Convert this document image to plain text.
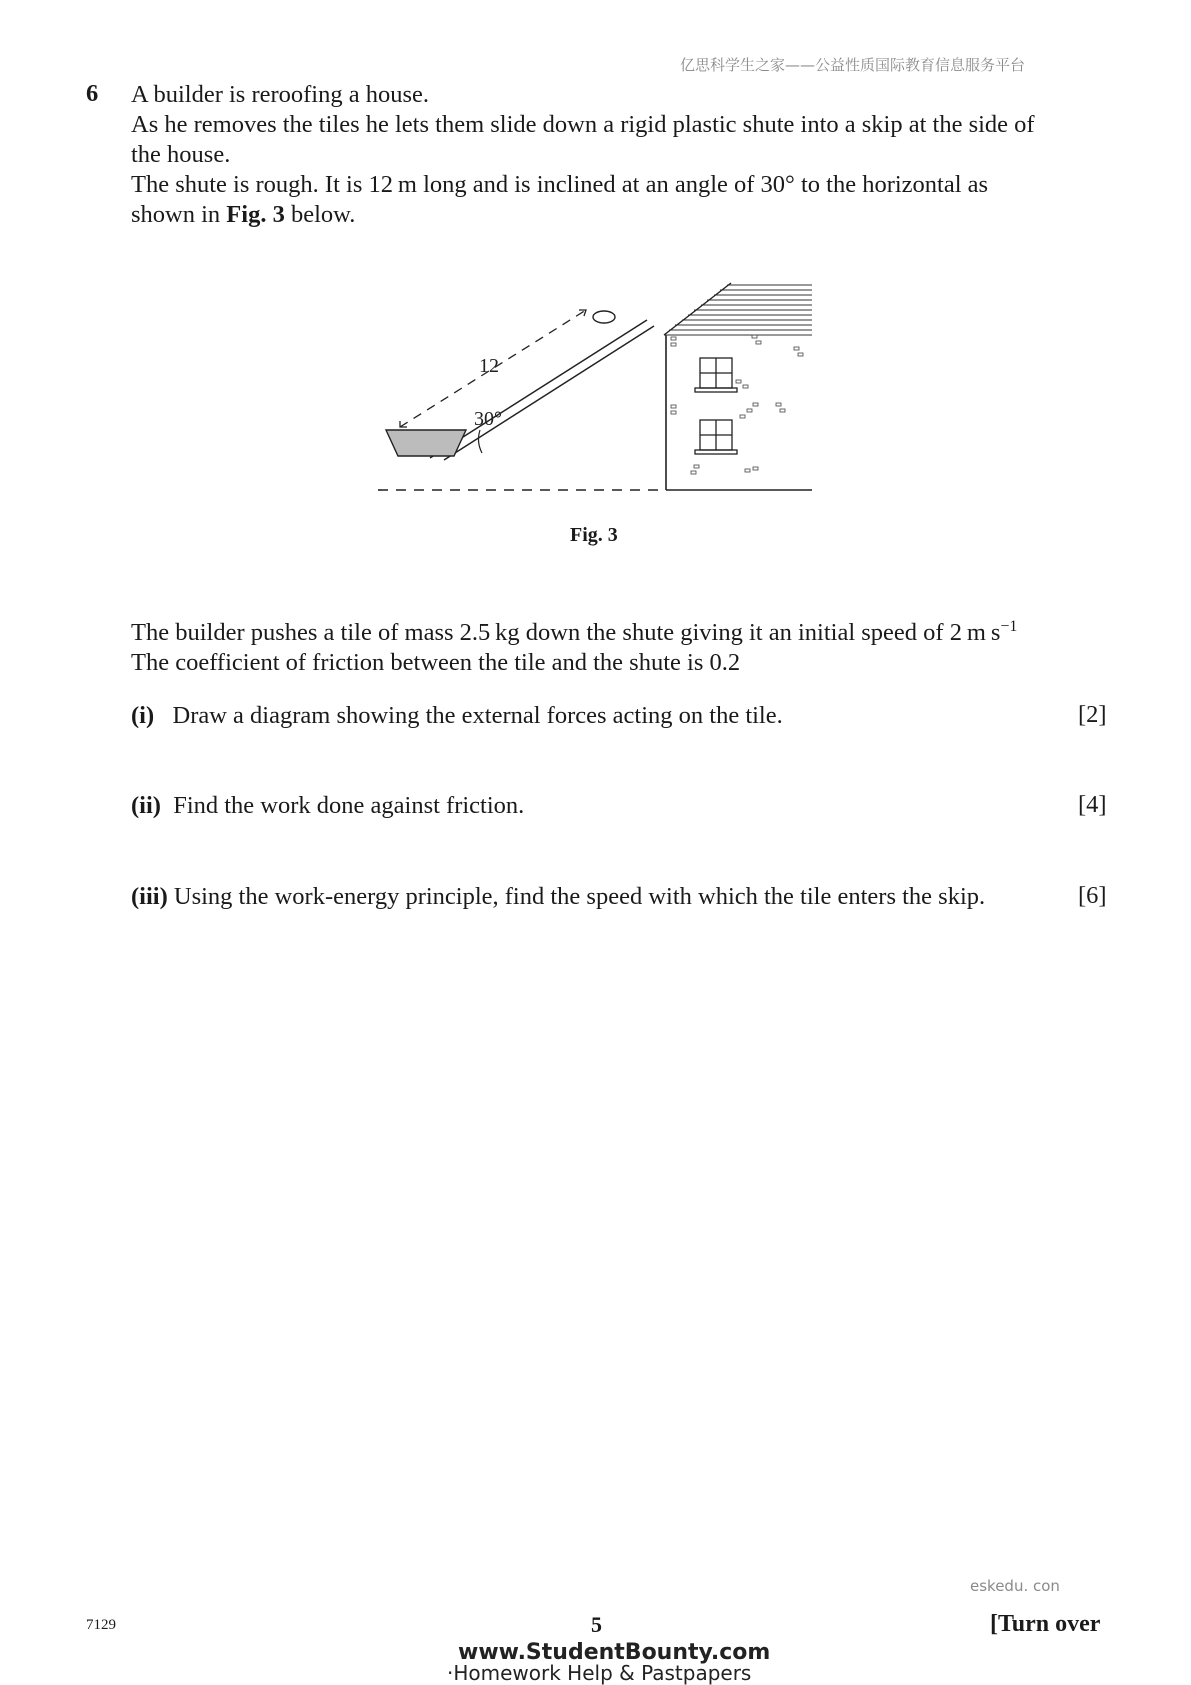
亿思科学生之家——公益性质国际教育信息服务平台
6 A builder is reroofing a house.
As he removes the tiles he lets them slide down a rigid plastic shute into a skip at the side of
the house.
The shute is rough. It is 12 m long and is inclined at an angle of 30° to the horizontal as
shown in Fig. 3 below.
12
30°
Fig. 3
The builder pushes a tile of mass 2.5 kg down the shute giving it an initial speed of 2 m $s^{-1}$
The coefficient of friction between the tile and the shute is 0.2
(i) Draw a diagram showing the external forces acting on the tile.	[2]
(ii) Find the work done against friction.	[4]
(iii) Using the work-energy principle, find the speed with which the tile enters the skip.	[6]
eskedu. con
7129	5	[Turn over
www.StudentBounty.com
·Homework Help & Pastpapers
